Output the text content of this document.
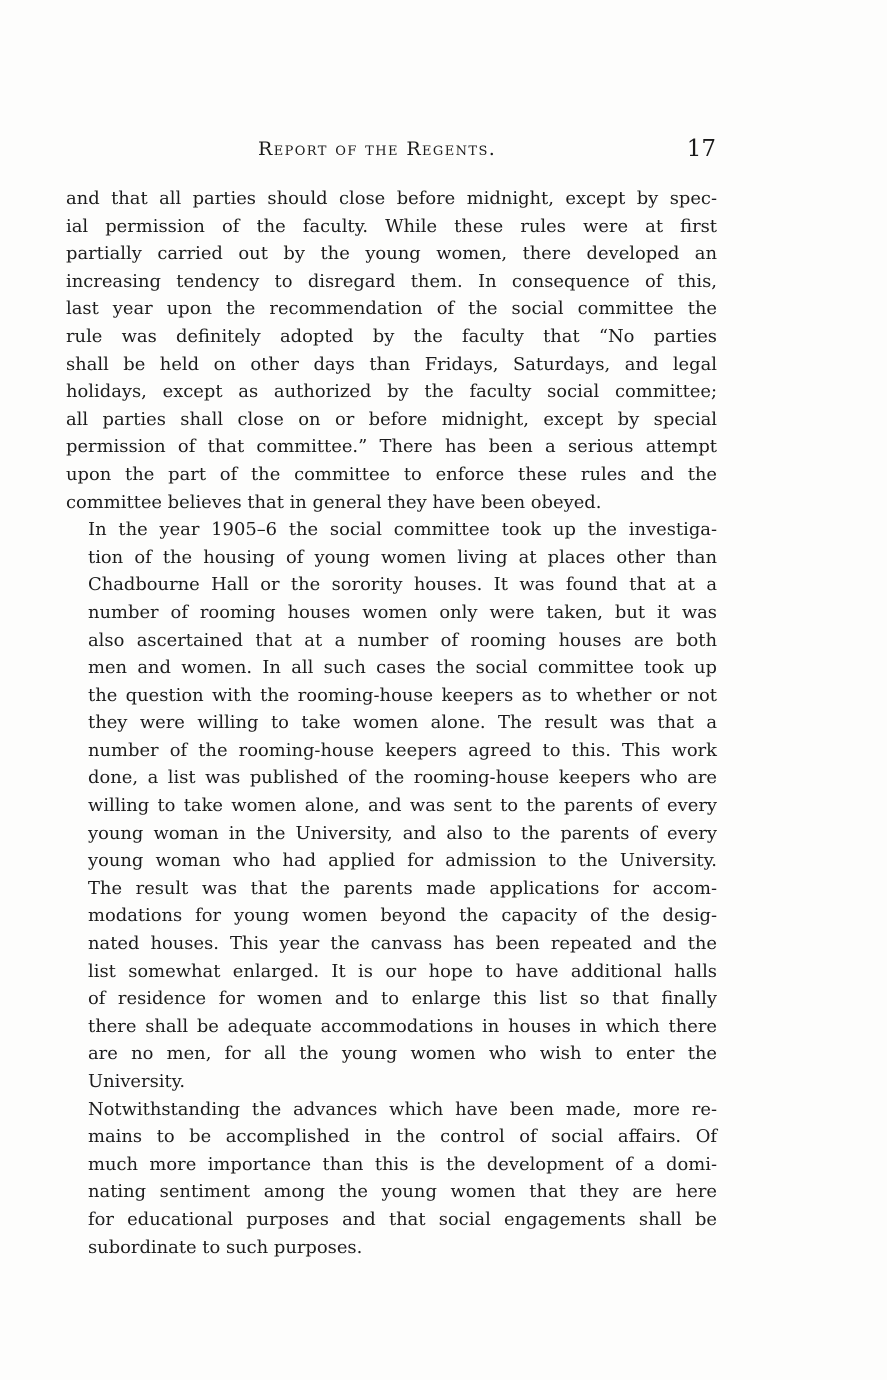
Report of the Regents.	17

and that all parties should close before midnight, except by spec-
ial permission of the faculty. While these rules were at first
partially carried out by the young women, there developed an
increasing tendency to disregard them. In consequence of this,
last year upon the recommendation of the social committee the
rule was definitely adopted by the faculty that “No parties
shall be held on other days than Fridays, Saturdays, and legal
holidays, except as authorized by the faculty social committee;
all parties shall close on or before midnight, except by special
permission of that committee.” There has been a serious attempt
upon the part of the committee to enforce these rules and the
committee believes that in general they have been obeyed.

In the year 1905–6 the social committee took up the investiga-
tion of the housing of young women living at places other than
Chadbourne Hall or the sorority houses. It was found that at a
number of rooming houses women only were taken, but it was
also ascertained that at a number of rooming houses are both
men and women. In all such cases the social committee took up
the question with the rooming-house keepers as to whether or not
they were willing to take women alone. The result was that a
number of the rooming-house keepers agreed to this. This work
done, a list was published of the rooming-house keepers who are
willing to take women alone, and was sent to the parents of every
young woman in the University, and also to the parents of every
young woman who had applied for admission to the University.
The result was that the parents made applications for accom-
modations for young women beyond the capacity of the desig-
nated houses. This year the canvass has been repeated and the
list somewhat enlarged. It is our hope to have additional halls
of residence for women and to enlarge this list so that finally
there shall be adequate accommodations in houses in which there
are no men, for all the young women who wish to enter the
University.

Notwithstanding the advances which have been made, more re-
mains to be accomplished in the control of social affairs. Of
much more importance than this is the development of a domi-
nating sentiment among the young women that they are here
for educational purposes and that social engagements shall be
subordinate to such purposes.
